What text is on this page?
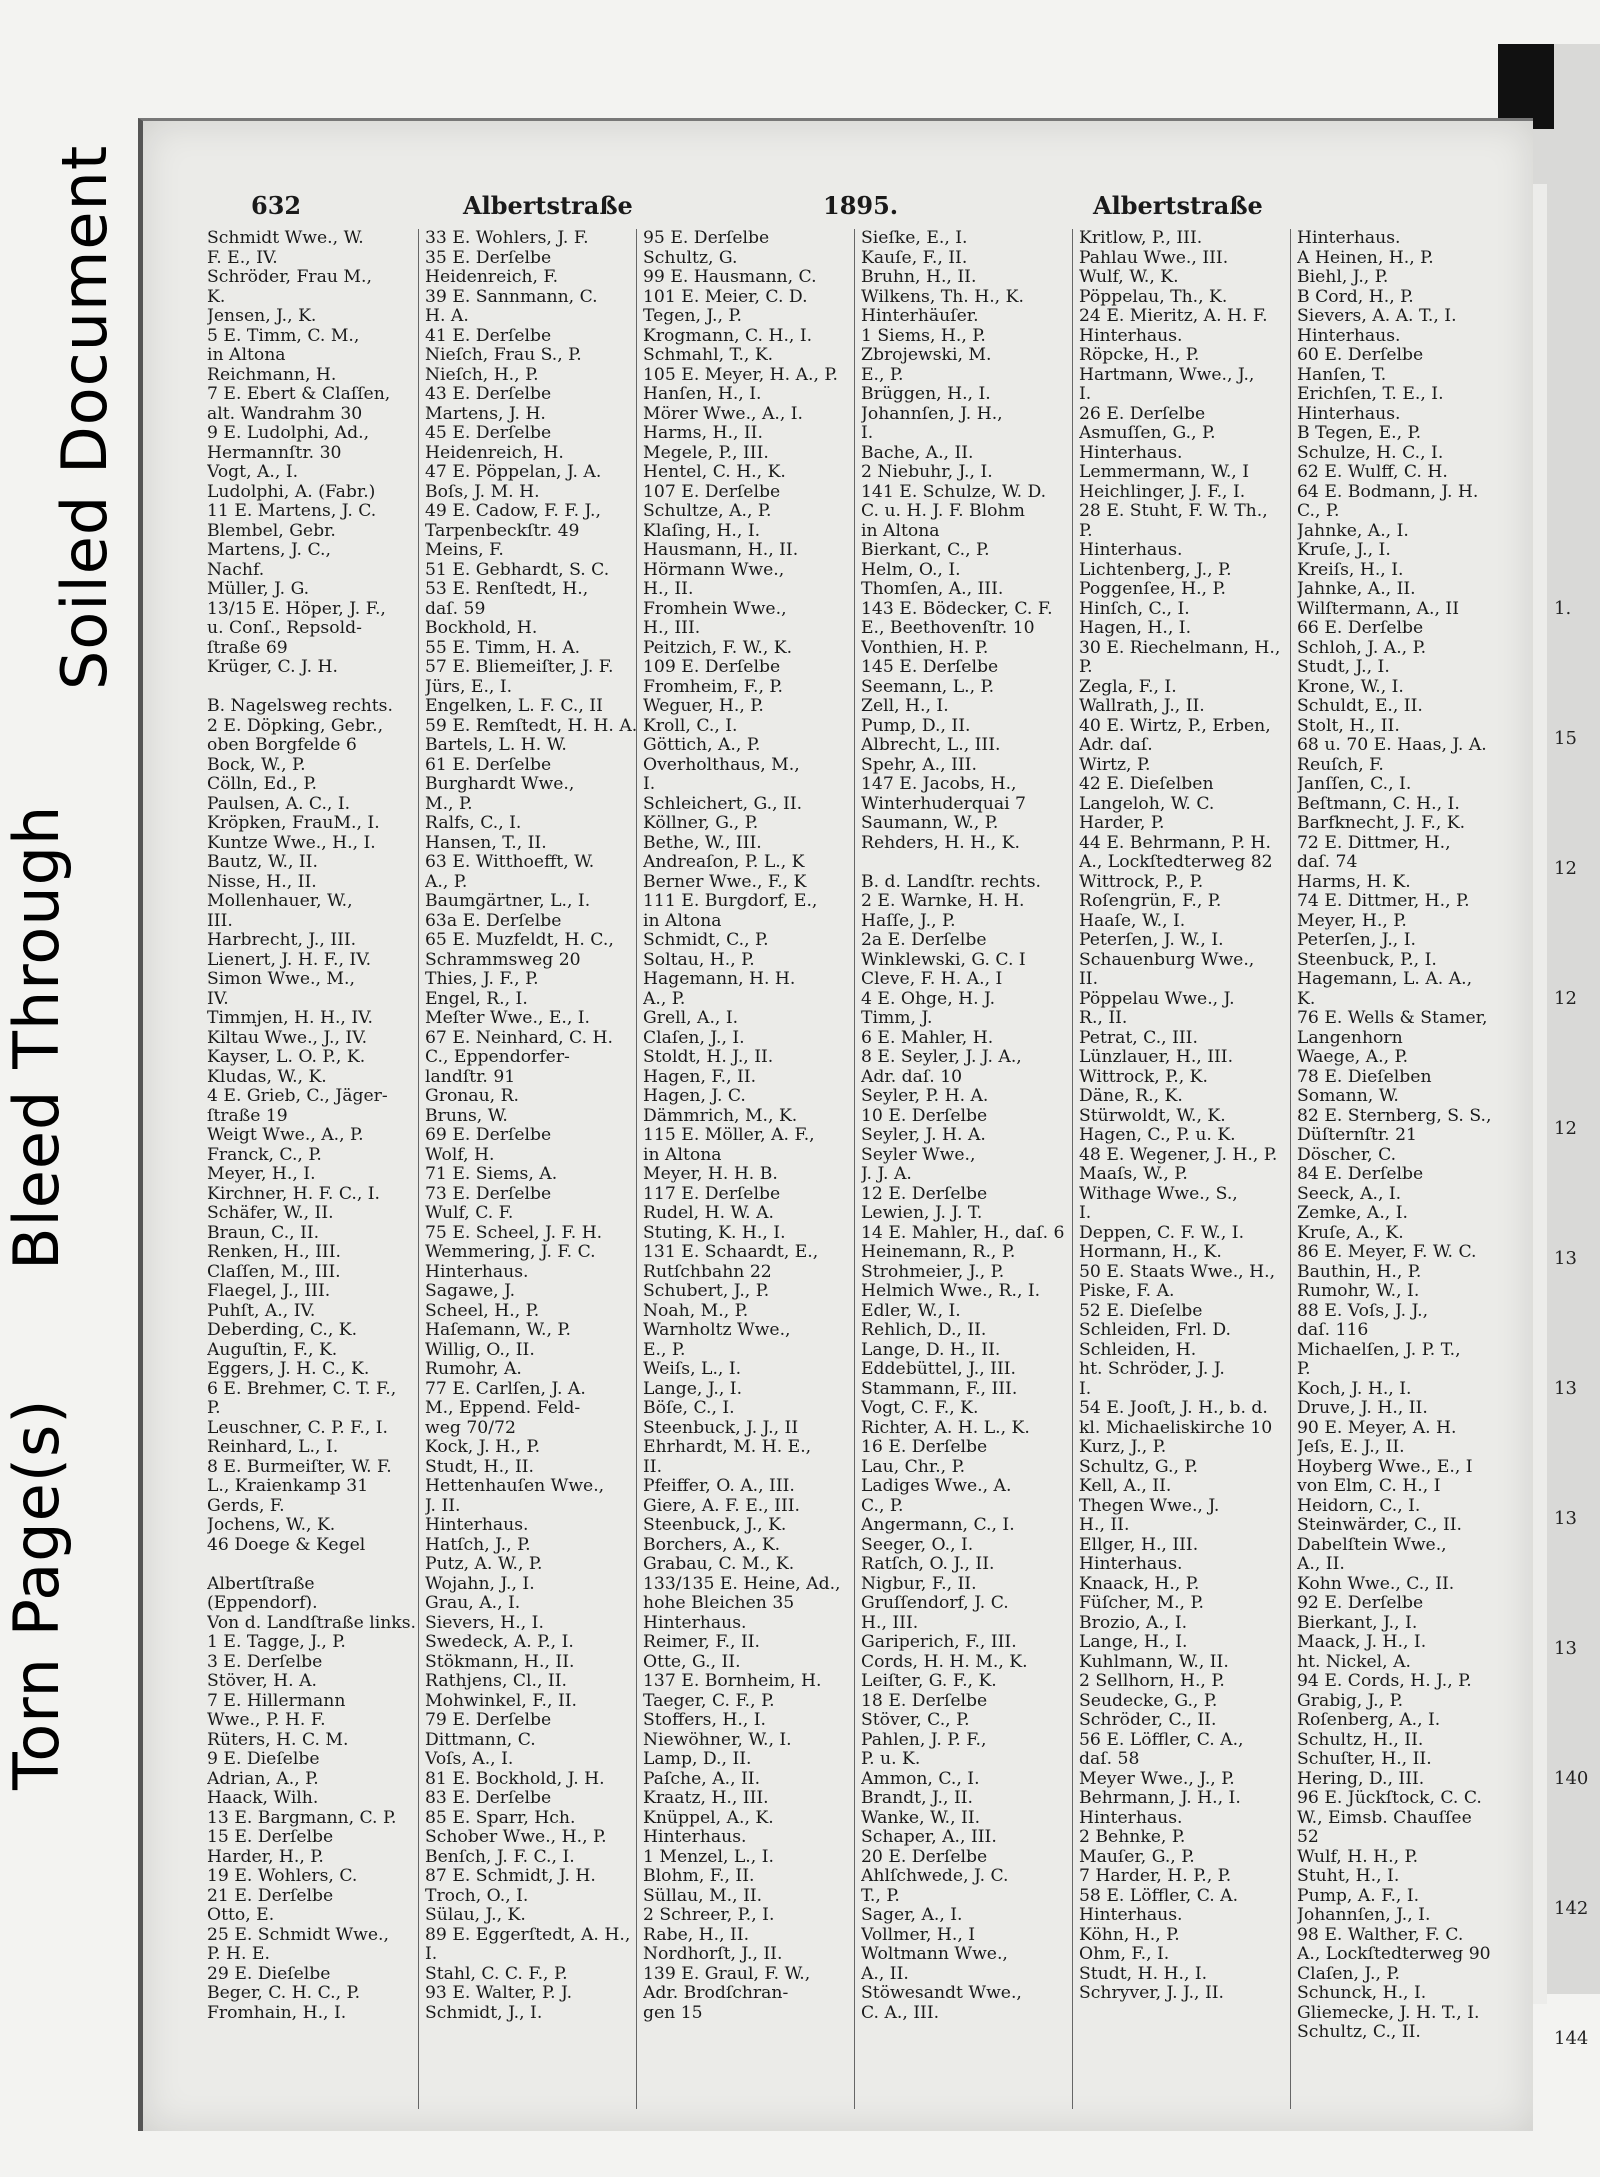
Torn Page(s)
Bleed Through
Soiled Document	1.
15
12
12
12
13
13
13
13
140
142
144
632	Albertstraße	1895.	Albertstraße
Schmidt Wwe., W.
F. E., IV.
Schröder, Frau M.,
K.
Jensen, J., K.
5 E. Timm, C. M.,
in Altona
Reichmann, H.
7 E. Ebert & Claſſen,
alt. Wandrahm 30
9 E. Ludolphi, Ad.,
Hermannſtr. 30
Vogt, A., I.
Ludolphi, A. (Fabr.)
11 E. Martens, J. C.
Blembel, Gebr.
Martens, J. C.,
Nachf.
Müller, J. G.
13/15 E. Höper, J. F.,
u. Conſ., Repsold-
ſtraße 69
Krüger, C. J. H.

B. Nagelsweg rechts.
2 E. Döpking, Gebr.,
oben Borgfelde 6
Bock, W., P.
Cölln, Ed., P.
Paulsen, A. C., I.
Kröpken, FrauM., I.
Kuntze Wwe., H., I.
Bautz, W., II.
Nisse, H., II.
Mollenhauer, W.,
III.
Harbrecht, J., III.
Lienert, J. H. F., IV.
Simon Wwe., M.,
IV.
Timmjen, H. H., IV.
Kiltau Wwe., J., IV.
Kayser, L. O. P., K.
Kludas, W., K.
4 E. Grieb, C., Jäger-
ſtraße 19
Weigt Wwe., A., P.
Franck, C., P.
Meyer, H., I.
Kirchner, H. F. C., I.
Schäfer, W., II.
Braun, C., II.
Renken, H., III.
Claſſen, M., III.
Flaegel, J., III.
Puhſt, A., IV.
Deberding, C., K.
Auguſtin, F., K.
Eggers, J. H. C., K.
6 E. Brehmer, C. T. F.,
P.
Leuschner, C. P. F., I.
Reinhard, L., I.
8 E. Burmeiſter, W. F.
L., Kraienkamp 31
Gerds, F.
Jochens, W., K.
46 Doege & Kegel

Albertſtraße
(Eppendorf).
Von d. Landſtraße links.
1 E. Tagge, J., P.
3 E. Derſelbe
Stöver, H. A.
7 E. Hillermann
Wwe., P. H. F.
Rüters, H. C. M.
9 E. Dieſelbe
Adrian, A., P.
Haack, Wilh.
13 E. Bargmann, C. P.
15 E. Derſelbe
Harder, H., P.
19 E. Wohlers, C.
21 E. Derſelbe
Otto, E.
25 E. Schmidt Wwe.,
P. H. E.
29 E. Dieſelbe
Beger, C. H. C., P.
Fromhain, H., I.
33 E. Wohlers, J. F.
35 E. Derſelbe
Heidenreich, F.
39 E. Sannmann, C.
H. A.
41 E. Derſelbe
Nieſch, Frau S., P.
Nieſch, H., P.
43 E. Derſelbe
Martens, J. H.
45 E. Derſelbe
Heidenreich, H.
47 E. Pöppelan, J. A.
Boſs, J. M. H.
49 E. Cadow, F. F. J.,
Tarpenbeckſtr. 49
Meins, F.
51 E. Gebhardt, S. C.
53 E. Renſtedt, H.,
daſ. 59
Bockhold, H.
55 E. Timm, H. A.
57 E. Bliemeiſter, J. F.
Jürs, E., I.
Engelken, L. F. C., II
59 E. Remſtedt, H. H. A.
Bartels, L. H. W.
61 E. Derſelbe
Burghardt Wwe.,
M., P.
Ralfs, C., I.
Hansen, T., II.
63 E. Witthoefft, W.
A., P.
Baumgärtner, L., I.
63a E. Derſelbe
65 E. Muzfeldt, H. C.,
Schrammsweg 20
Thies, J. F., P.
Engel, R., I.
Meſter Wwe., E., I.
67 E. Neinhard, C. H.
C., Eppendorfer-
landſtr. 91
Gronau, R.
Bruns, W.
69 E. Derſelbe
Wolf, H.
71 E. Siems, A.
73 E. Derſelbe
Wulf, C. F.
75 E. Scheel, J. F. H.
Wemmering, J. F. C.
Hinterhaus.
Sagawe, J.
Scheel, H., P.
Haſemann, W., P.
Willig, O., II.
Rumohr, A.
77 E. Carlſen, J. A.
M., Eppend. Feld-
weg 70/72
Kock, J. H., P.
Studt, H., II.
Hettenhauſen Wwe.,
J. II.
Hinterhaus.
Hatſch, J., P.
Putz, A. W., P.
Wojahn, J., I.
Grau, A., I.
Sievers, H., I.
Swedeck, A. P., I.
Stökmann, H., II.
Rathjens, Cl., II.
Mohwinkel, F., II.
79 E. Derſelbe
Dittmann, C.
Voſs, A., I.
81 E. Bockhold, J. H.
83 E. Derſelbe
85 E. Sparr, Hch.
Schober Wwe., H., P.
Benſch, J. F. C., I.
87 E. Schmidt, J. H.
Troch, O., I.
Sülau, J., K.
89 E. Eggerſtedt, A. H.,
I.
Stahl, C. C. F., P.
93 E. Walter, P. J.
Schmidt, J., I.
95 E. Derſelbe
Schultz, G.
99 E. Hausmann, C.
101 E. Meier, C. D.
Tegen, J., P.
Krogmann, C. H., I.
Schmahl, T., K.
105 E. Meyer, H. A., P.
Hanſen, H., I.
Mörer Wwe., A., I.
Harms, H., II.
Megele, P., III.
Hentel, C. H., K.
107 E. Derſelbe
Schultze, A., P.
Klaſing, H., I.
Hausmann, H., II.
Hörmann Wwe.,
H., II.
Fromhein Wwe.,
H., III.
Peitzich, F. W., K.
109 E. Derſelbe
Fromheim, F., P.
Weguer, H., P.
Kroll, C., I.
Göttich, A., P.
Overholthaus, M.,
I.
Schleichert, G., II.
Köllner, G., P.
Bethe, W., III.
Andreaſon, P. L., K
Berner Wwe., F., K
111 E. Burgdorf, E.,
in Altona
Schmidt, C., P.
Soltau, H., P.
Hagemann, H. H.
A., P.
Grell, A., I.
Claſen, J., I.
Stoldt, H. J., II.
Hagen, F., II.
Hagen, J. C.
Dämmrich, M., K.
115 E. Möller, A. F.,
in Altona
Meyer, H. H. B.
117 E. Derſelbe
Rudel, H. W. A.
Stuting, K. H., I.
131 E. Schaardt, E.,
Rutſchbahn 22
Schubert, J., P.
Noah, M., P.
Warnholtz Wwe.,
E., P.
Weiſs, L., I.
Lange, J., I.
Böſe, C., I.
Steenbuck, J. J., II
Ehrhardt, M. H. E.,
II.
Pfeiffer, O. A., III.
Giere, A. F. E., III.
Steenbuck, J., K.
Borchers, A., K.
Grabau, C. M., K.
133/135 E. Heine, Ad.,
hohe Bleichen 35
Hinterhaus.
Reimer, F., II.
Otte, G., II.
137 E. Bornheim, H.
Taeger, C. F., P.
Stoffers, H., I.
Niewöhner, W., I.
Lamp, D., II.
Paſche, A., II.
Kraatz, H., III.
Knüppel, A., K.
Hinterhaus.
1 Menzel, L., I.
Blohm, F., II.
Süllau, M., II.
2 Schreer, P., I.
Rabe, H., II.
Nordhorſt, J., II.
139 E. Graul, F. W.,
Adr. Brodſchran-
gen 15
Sieſke, E., I.
Kauſe, F., II.
Bruhn, H., II.
Wilkens, Th. H., K.
Hinterhäuſer.
1 Siems, H., P.
Zbrojewski, M.
E., P.
Brüggen, H., I.
Johannſen, J. H.,
I.
Bache, A., II.
2 Niebuhr, J., I.
141 E. Schulze, W. D.
C. u. H. J. F. Blohm
in Altona
Bierkant, C., P.
Helm, O., I.
Thomſen, A., III.
143 E. Bödecker, C. F.
E., Beethovenſtr. 10
Vonthien, H. P.
145 E. Derſelbe
Seemann, L., P.
Zell, H., I.
Pump, D., II.
Albrecht, L., III.
Spehr, A., III.
147 E. Jacobs, H.,
Winterhuderquai 7
Saumann, W., P.
Rehders, H. H., K.

B. d. Landſtr. rechts.
2 E. Warnke, H. H.
Haſſe, J., P.
2a E. Derſelbe
Winklewski, G. C. I
Cleve, F. H. A., I
4 E. Ohge, H. J.
Timm, J.
6 E. Mahler, H.
8 E. Seyler, J. J. A.,
Adr. daſ. 10
Seyler, P. H. A.
10 E. Derſelbe
Seyler, J. H. A.
Seyler Wwe.,
J. J. A.
12 E. Derſelbe
Lewien, J. J. T.
14 E. Mahler, H., daſ. 6
Heinemann, R., P.
Strohmeier, J., P.
Helmich Wwe., R., I.
Edler, W., I.
Rehlich, D., II.
Lange, D. H., II.
Eddebüttel, J., III.
Stammann, F., III.
Vogt, C. F., K.
Richter, A. H. L., K.
16 E. Derſelbe
Lau, Chr., P.
Ladiges Wwe., A.
C., P.
Angermann, C., I.
Seeger, O., I.
Ratſch, O. J., II.
Nigbur, F., II.
Gruſſendorf, J. C.
H., III.
Gariperich, F., III.
Cords, H. H. M., K.
Leiſter, G. F., K.
18 E. Derſelbe
Stöver, C., P.
Pahlen, J. P. F.,
P. u. K.
Ammon, C., I.
Brandt, J., II.
Wanke, W., II.
Schaper, A., III.
20 E. Derſelbe
Ahlſchwede, J. C.
T., P.
Sager, A., I.
Vollmer, H., I
Woltmann Wwe.,
A., II.
Stöwesandt Wwe.,
C. A., III.
Kritlow, P., III.
Pahlau Wwe., III.
Wulf, W., K.
Pöppelau, Th., K.
24 E. Mieritz, A. H. F.
Hinterhaus.
Röpcke, H., P.
Hartmann, Wwe., J.,
I.
26 E. Derſelbe
Asmuſſen, G., P.
Hinterhaus.
Lemmermann, W., I
Heichlinger, J. F., I.
28 E. Stuht, F. W. Th.,
P.
Hinterhaus.
Lichtenberg, J., P.
Poggenſee, H., P.
Hinſch, C., I.
Hagen, H., I.
30 E. Riechelmann, H.,
P.
Zegla, F., I.
Wallrath, J., II.
40 E. Wirtz, P., Erben,
Adr. daſ.
Wirtz, P.
42 E. Dieſelben
Langeloh, W. C.
Harder, P.
44 E. Behrmann, P. H.
A., Lockſtedterweg 82
Wittrock, P., P.
Roſengrün, F., P.
Haaſe, W., I.
Peterſen, J. W., I.
Schauenburg Wwe.,
II.
Pöppelau Wwe., J.
R., II.
Petrat, C., III.
Lünzlauer, H., III.
Wittrock, P., K.
Däne, R., K.
Stürwoldt, W., K.
Hagen, C., P. u. K.
48 E. Wegener, J. H., P.
Maaſs, W., P.
Withage Wwe., S.,
I.
Deppen, C. F. W., I.
Hormann, H., K.
50 E. Staats Wwe., H.,
Piske, F. A.
52 E. Dieſelbe
Schleiden, Frl. D.
Schleiden, H.
ht. Schröder, J. J.
I.
54 E. Jooſt, J. H., b. d.
kl. Michaeliskirche 10
Kurz, J., P.
Schultz, G., P.
Kell, A., II.
Thegen Wwe., J.
H., II.
Ellger, H., III.
Hinterhaus.
Knaack, H., P.
Füſcher, M., P.
Brozio, A., I.
Lange, H., I.
Kuhlmann, W., II.
2 Sellhorn, H., P.
Seudecke, G., P.
Schröder, C., II.
56 E. Löffler, C. A.,
daſ. 58
Meyer Wwe., J., P.
Behrmann, J. H., I.
Hinterhaus.
2 Behnke, P.
Mauſer, G., P.
7 Harder, H. P., P.
58 E. Löffler, C. A.
Hinterhaus.
Köhn, H., P.
Ohm, F., I.
Studt, H. H., I.
Schryver, J. J., II.
Hinterhaus.
A Heinen, H., P.
Biehl, J., P.
B Cord, H., P.
Sievers, A. A. T., I.
Hinterhaus.
60 E. Derſelbe
Hanſen, T.
Erichſen, T. E., I.
Hinterhaus.
B Tegen, E., P.
Schulze, H. C., I.
62 E. Wulff, C. H.
64 E. Bodmann, J. H.
C., P.
Jahnke, A., I.
Kruſe, J., I.
Kreiſs, H., I.
Jahnke, A., II.
Wilſtermann, A., II
66 E. Derſelbe
Schloh, J. A., P.
Studt, J., I.
Krone, W., I.
Schuldt, E., II.
Stolt, H., II.
68 u. 70 E. Haas, J. A.
Reuſch, F.
Janſſen, C., I.
Beſtmann, C. H., I.
Barfknecht, J. F., K.
72 E. Dittmer, H.,
daſ. 74
Harms, H. K.
74 E. Dittmer, H., P.
Meyer, H., P.
Peterſen, J., I.
Steenbuck, P., I.
Hagemann, L. A. A.,
K.
76 E. Wells & Stamer,
Langenhorn
Waege, A., P.
78 E. Dieſelben
Somann, W.
82 E. Sternberg, S. S.,
Düſternſtr. 21
Döscher, C.
84 E. Derſelbe
Seeck, A., I.
Zemke, A., I.
Kruſe, A., K.
86 E. Meyer, F. W. C.
Bauthin, H., P.
Rumohr, W., I.
88 E. Voſs, J. J.,
daſ. 116
Michaelſen, J. P. T.,
P.
Koch, J. H., I.
Druve, J. H., II.
90 E. Meyer, A. H.
Jeſs, E. J., II.
Hoyberg Wwe., E., I
von Elm, C. H., I
Heidorn, C., I.
Steinwärder, C., II.
Dabelſtein Wwe.,
A., II.
Kohn Wwe., C., II.
92 E. Derſelbe
Bierkant, J., I.
Maack, J. H., I.
ht. Nickel, A.
94 E. Cords, H. J., P.
Grabig, J., P.
Roſenberg, A., I.
Schultz, H., II.
Schuſter, H., II.
Hering, D., III.
96 E. Jückſtock, C. C.
W., Eimsb. Chauſſee
52
Wulf, H. H., P.
Stuht, H., I.
Pump, A. F., I.
Johannſen, J., I.
98 E. Walther, F. C.
A., Lockſtedterweg 90
Claſen, J., P.
Schunck, H., I.
Gliemecke, J. H. T., I.
Schultz, C., II.
